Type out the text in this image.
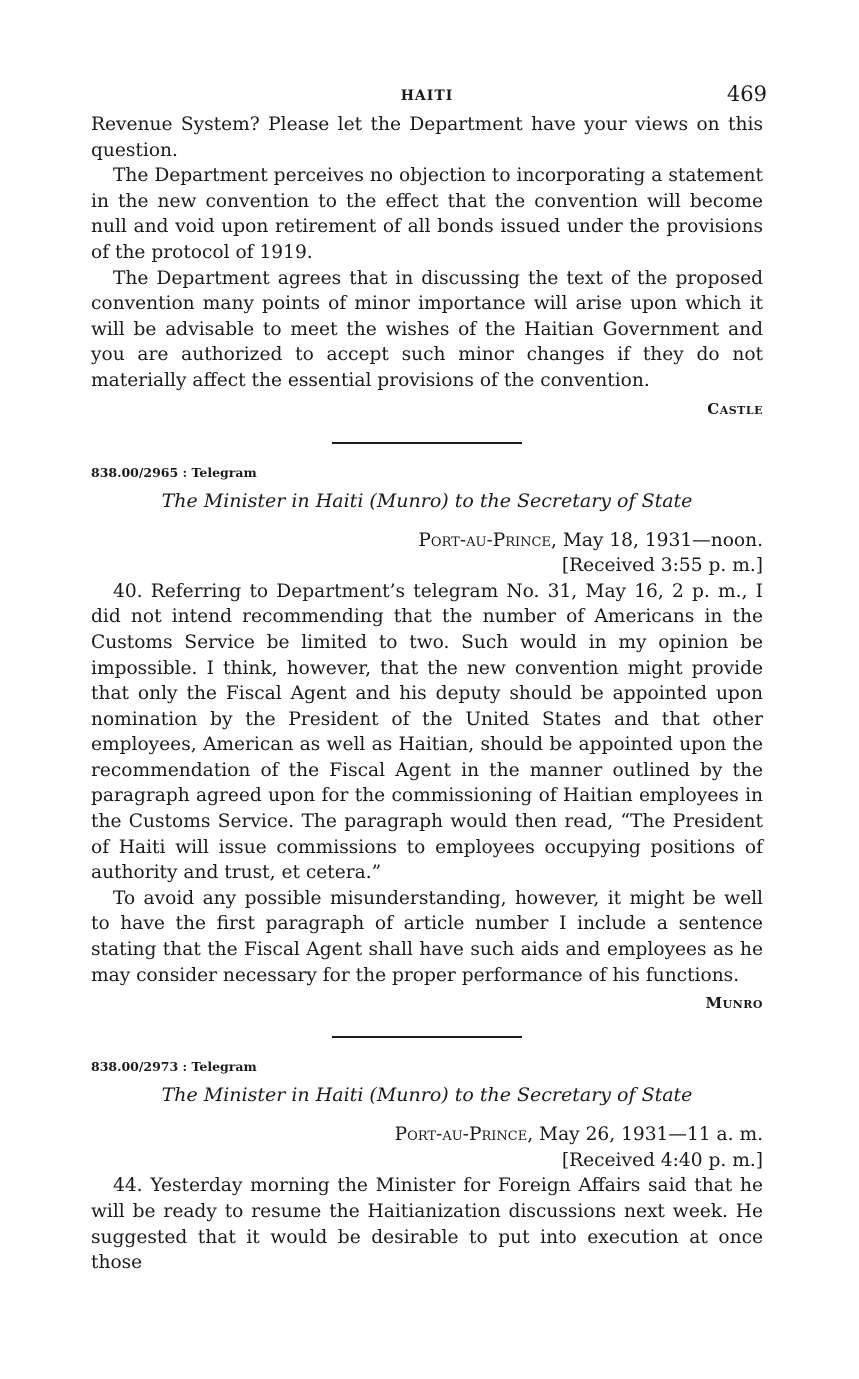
HAITI	469

Revenue System? Please let the Department have your views on this question.

The Department perceives no objection to incorporating a statement in the new convention to the effect that the convention will become null and void upon retirement of all bonds issued under the provisions of the protocol of 1919.

The Department agrees that in discussing the text of the proposed convention many points of minor importance will arise upon which it will be advisable to meet the wishes of the Haitian Government and you are authorized to accept such minor changes if they do not materially affect the essential provisions of the convention.

Castle
838.00/2965 : Telegram
The Minister in Haiti (Munro) to the Secretary of State
Port-au-Prince, May 18, 1931—noon.
[Received 3:55 p. m.]

40. Referring to Department’s telegram No. 31, May 16, 2 p. m., I did not intend recommending that the number of Americans in the Customs Service be limited to two. Such would in my opinion be impossible. I think, however, that the new convention might provide that only the Fiscal Agent and his deputy should be appointed upon nomination by the President of the United States and that other employees, American as well as Haitian, should be appointed upon the recommendation of the Fiscal Agent in the manner outlined by the paragraph agreed upon for the commissioning of Haitian employees in the Customs Service. The paragraph would then read, “The President of Haiti will issue commissions to employees occupying positions of authority and trust, et cetera.”

To avoid any possible misunderstanding, however, it might be well to have the first paragraph of article number I include a sentence stating that the Fiscal Agent shall have such aids and employees as he may consider necessary for the proper performance of his functions.

Munro
838.00/2973 : Telegram
The Minister in Haiti (Munro) to the Secretary of State
Port-au-Prince, May 26, 1931—11 a. m.
[Received 4:40 p. m.]

44. Yesterday morning the Minister for Foreign Affairs said that he will be ready to resume the Haitianization discussions next week. He suggested that it would be desirable to put into execution at once those
